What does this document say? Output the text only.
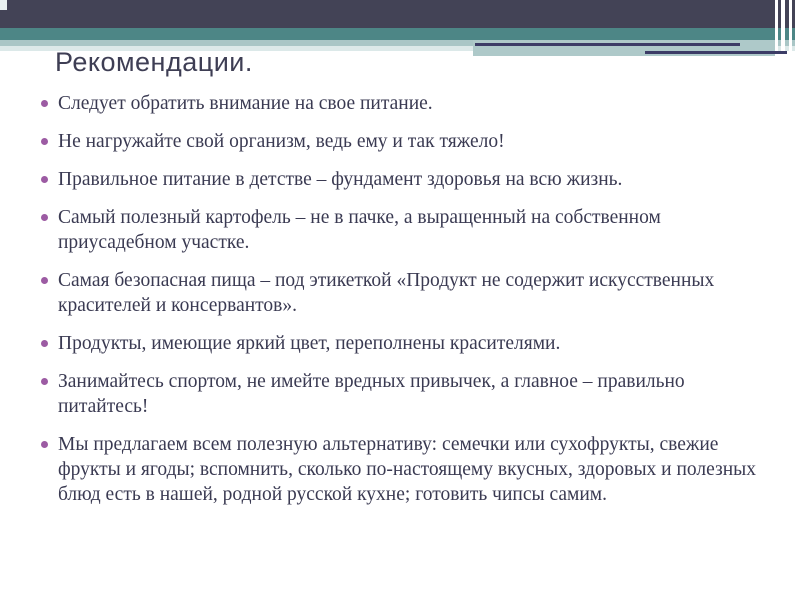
Рекомендации.
Следует обратить внимание на свое питание.
Не нагружайте свой организм, ведь ему и так тяжело!
Правильное питание в детстве – фундамент здоровья на всю жизнь.
Самый полезный картофель – не в пачке, а выращенный на собственном приусадебном участке.
Самая безопасная пища – под этикеткой «Продукт не содержит искусственных красителей и консервантов».
Продукты, имеющие яркий цвет, переполнены красителями.
Занимайтесь спортом, не имейте вредных привычек, а главное – правильно питайтесь!
Мы предлагаем всем полезную альтернативу: семечки или сухофрукты, свежие фрукты и ягоды; вспомнить, сколько по-настоящему вкусных, здоровых и полезных блюд есть в нашей, родной русской кухне; готовить чипсы самим.
